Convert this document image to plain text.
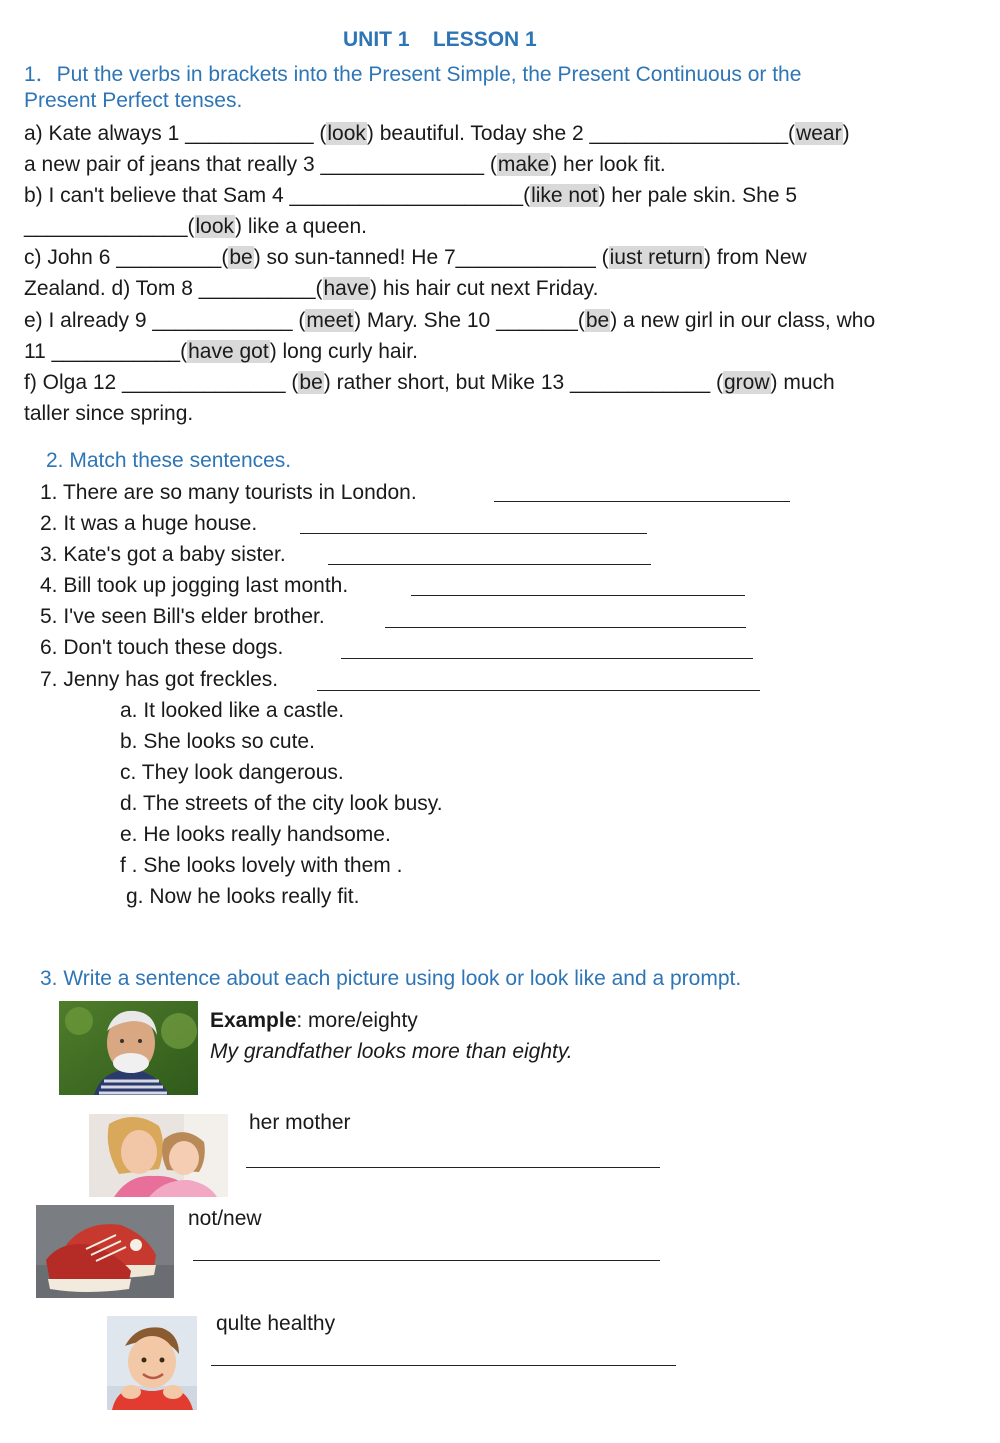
UNIT 1 LESSON 1
1．Put the verbs in brackets into the Present Simple, the Present Continuous or the
Present Perfect tenses.
a) Kate always 1 ___________ (look) beautiful. Today she 2 _________________(wear)
a new pair of jeans that really 3 ______________ (make) her look fit.
b) I can't believe that Sam 4 ____________________(like not) her pale skin. She 5
______________(look) like a queen.
c) John 6 _________(be) so sun-tanned! He 7____________ (iust return) from New
Zealand. d) Tom 8 __________(have) his hair cut next Friday.
e) I already 9 ____________ (meet) Mary. She 10 _______(be) a new girl in our class, who
11 ___________(have got) long curly hair.
f) Olga 12 ______________ (be) rather short, but Mike 13 ____________ (grow) much
taller since spring.
2. Match these sentences.
1. There are so many tourists in London.
2. It was a huge house.
3. Kate's got a baby sister.
4. Bill took up jogging last month.
5. I've seen Bill's elder brother.
6. Don't touch these dogs.
7. Jenny has got freckles.
a. It looked like a castle.
b. She looks so cute.
c. They look dangerous.
d. The streets of the city look busy.
e. He looks really handsome.
f . She looks lovely with them .
g. Now he looks really fit.
3. Write a sentence about each picture using look or look like and a prompt.
Example: more/eighty
My grandfather looks more than eighty.
her mother
not/new
qulte healthy
